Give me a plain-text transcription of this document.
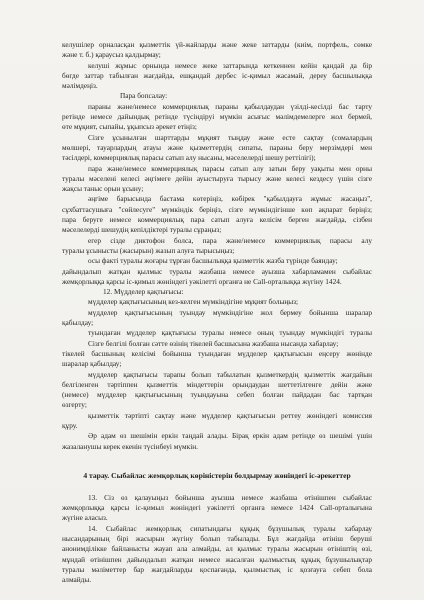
келушілер орналасқан қызметтік үй-жайларды және жеке заттарды (киім, портфель, сөмке
және т. б.) қараусыз қалдырмау;
келуші жұмыс орнында немесе жеке заттарында кеткеннен кейін қандай да бір
бөгде заттар табылған жағдайда, ешқандай дербес іс-қимыл жасамай, дереу басшылыққа
мәлімдеңіз.
Пара бопсалау:
параны және/немесе коммерциялық параны қабылдаудан үзілді-кесілді бас тарту
ретінде немесе дайындық ретінде түсіндіруі мүмкін асығыс мәлімдемелерге жол бермей,
өте мұқият, сыпайы, ұқыпсыз әрекет етіңіз;
Сізге ұсынылған шарттарды мұқият тыңдау және есте сақтау (сомалардың
мөлшері, тауарлардың атауы және қызметтердің сипаты, параны беру мерзімдері мен
тәсілдері, коммерциялық парасы сатып алу нысаны, мәселелерді шешу реттілігі);
пара және/немесе коммерциялық парасы сатып алу затын беру уақыты мен орны
туралы мәселені келесі әңгімеге дейін ауыстыруға тырысу және келесі кездесу үшін сізге
жақсы таныс орын ұсыну;
әңгіме барысында бастама көтеріңіз, көбірек "қабылдауға жұмыс жасаңыз",
сұхбаттасушыға "сөйлесуге" мүмкіндік беріңіз, сізге мүмкіндігінше көп ақпарат беріңіз;
пара беруге немесе коммерциялық пара сатып алуға келісім берген жағдайда, сізбен
мәселелерді шешудің кепілдіктері туралы сұраңыз;
егер сізде диктофон болса, пара және/немесе коммерциялық парасы алу
туралы ұсынысты (жасырын) жазып алуға тырысыңыз;
осы факті туралы жоғары тұрған басшылыққа қызметтік жазба түрінде баяндау;
дайындалып жатқан қылмыс туралы жазбаша немесе ауызша хабарламамен сыбайлас
жемқорлыққа қарсы іс-қимыл жөніндегі уәкілетті органға не Call-орталыққа жүгіну 1424.
12. Мүдделер қақтығысы:
мүдделер қақтығысының кез-келген мүмкіндігіне мұқият болыңыз;
мүдделер қақтығысының туындау мүмкіндігіне жол бермеу бойынша шаралар
қабылдау;
туындаған мүдделер қақтығысы туралы немесе оның туындау мүмкіндігі туралы
Сізге белгілі болған сәтте өзінің тікелей басшысына жазбаша нысанда хабарлау;
тікелей басшының келісімі бойынша туындаған мүдделер қақтығысын еңсеру жөнінде
шаралар қабылдау;
мүдделер қақтығысы тарапы болып табылатын қызметкердің қызметтік жағдайын
белгіленген тәртіппен қызметтік міндеттерін орындаудан шеттетілгенге дейін және
(немесе) мүдделер қақтығысының туындауына себеп болған пайдадан бас тартқан
өзгерту;
қызметтік тәртіпті сақтау және мүдделер қақтығысын реттеу жөніндегі комиссия
құру.
Әр адам өз шешімін еркін таңдай алады. Бірақ еркін адам ретінде өз шешімі үшін
жазаланушы керек екенін түсінбеуі мүмкін.
4 тарау. Сыбайлас жемқорлық көріністерін болдырмау жөніндегі іс-әрекеттер
13. Сіз өз қалауыңыз бойынша ауызша немесе жазбаша өтінішпен сыбайлас
жемқорлыққа қарсы іс-қимыл жөніндегі уәкілетті органға немесе 1424 Call-орталығына
жүгіне аласыз.
14. Сыбайлас жемқорлық сипатындағы құқық бұзушылық туралы хабарлау
нысандарының бірі жасырын жүгіну болып табылады. Бұл жағдайда өтініш беруші
анонимділікке байланысты жауап ала алмайды, ал қылмыс туралы жасырын өтініштің өзі,
мұндай өтінішпен дайындалып жатқан немесе жасалған қылмыстық құқық бұзушылықтар
туралы мәліметтер бар жағдайларды қоспағанда, қылмыстық іс қозғауға себеп бола
алмайды.
